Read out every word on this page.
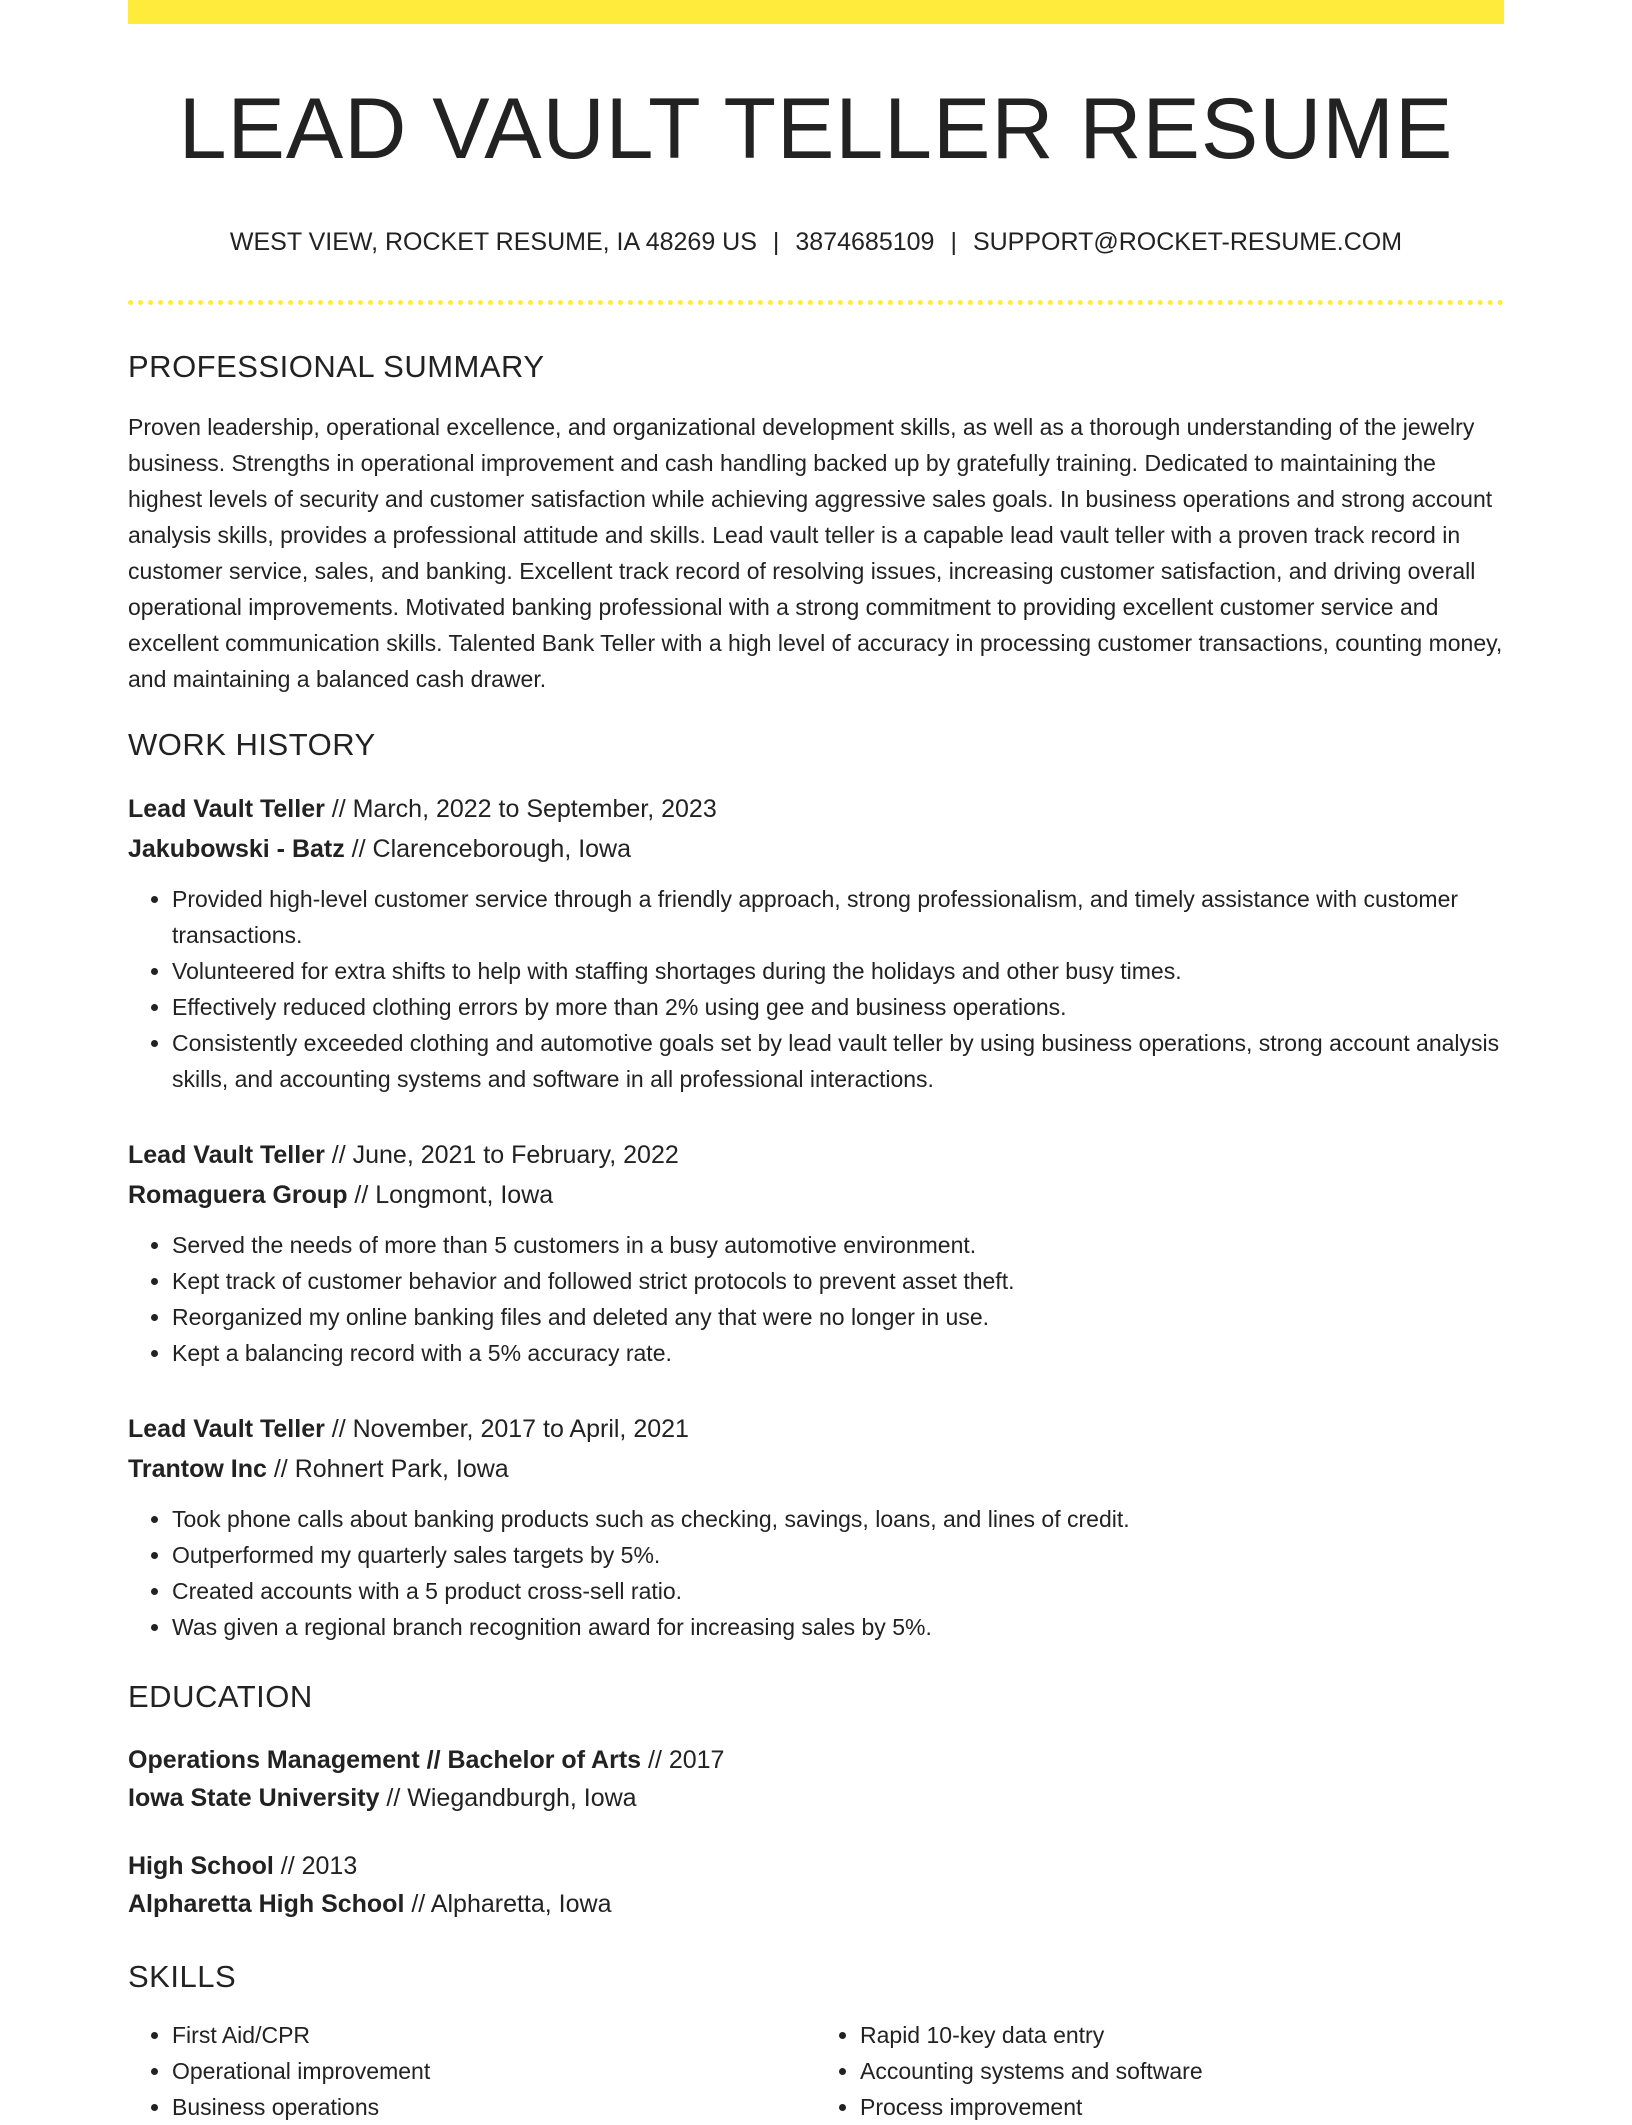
LEAD VAULT TELLER RESUME
WEST VIEW, ROCKET RESUME, IA 48269 US | 3874685109 | SUPPORT@ROCKET-RESUME.COM
PROFESSIONAL SUMMARY

Proven leadership, operational excellence, and organizational development skills, as well as a thorough understanding of the jewelry business. Strengths in operational improvement and cash handling backed up by gratefully training. Dedicated to maintaining the highest levels of security and customer satisfaction while achieving aggressive sales goals. In business operations and strong account analysis skills, provides a professional attitude and skills. Lead vault teller is a capable lead vault teller with a proven track record in customer service, sales, and banking. Excellent track record of resolving issues, increasing customer satisfaction, and driving overall operational improvements. Motivated banking professional with a strong commitment to providing excellent customer service and excellent communication skills. Talented Bank Teller with a high level of accuracy in processing customer transactions, counting money, and maintaining a balanced cash drawer.

WORK HISTORY
Lead Vault Teller // March, 2022 to September, 2023
Jakubowski - Batz // Clarenceborough, Iowa
• Provided high-level customer service through a friendly approach, strong professionalism, and timely assistance with customer transactions.
• Volunteered for extra shifts to help with staffing shortages during the holidays and other busy times.
• Effectively reduced clothing errors by more than 2% using gee and business operations.
• Consistently exceeded clothing and automotive goals set by lead vault teller by using business operations, strong account analysis skills, and accounting systems and software in all professional interactions.
Lead Vault Teller // June, 2021 to February, 2022
Romaguera Group // Longmont, Iowa
• Served the needs of more than 5 customers in a busy automotive environment.
• Kept track of customer behavior and followed strict protocols to prevent asset theft.
• Reorganized my online banking files and deleted any that were no longer in use.
• Kept a balancing record with a 5% accuracy rate.
Lead Vault Teller // November, 2017 to April, 2021
Trantow Inc // Rohnert Park, Iowa
• Took phone calls about banking products such as checking, savings, loans, and lines of credit.
• Outperformed my quarterly sales targets by 5%.
• Created accounts with a 5 product cross-sell ratio.
• Was given a regional branch recognition award for increasing sales by 5%.
EDUCATION
Operations Management // Bachelor of Arts // 2017
Iowa State University // Wiegandburgh, Iowa
High School // 2013
Alpharetta High School // Alpharetta, Iowa
SKILLS
• First Aid/CPR
• Operational improvement
• Business operations
• Rapid 10-key data entry
• Accounting systems and software
• Process improvement
